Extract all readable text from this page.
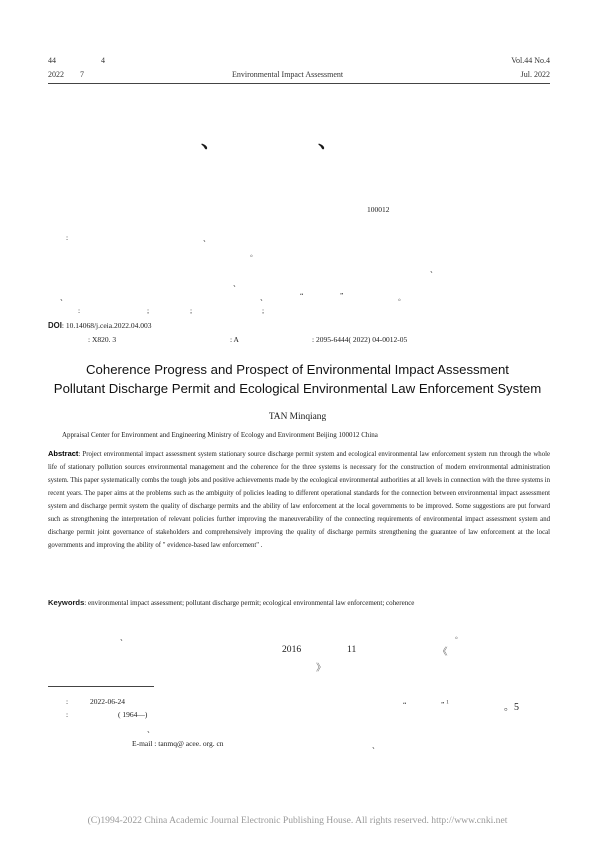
44	4
2022 7	Environmental Impact Assessment
Vol.44 No.4
Jul. 2022
、	、
100012
:	、
。
、
、
、	、	“	”	。
:	;	;	;
DOI: 10.14068/j.ceia.2022.04.003
: X820. 3	: A	: 2095-6444( 2022) 04-0012-05
Coherence Progress and Prospect of Environmental Impact Assessment
Pollutant Discharge Permit and Ecological Environmental Law Enforcement System
TAN Minqiang
Appraisal Center for Environment and Engineering Ministry of Ecology and Environment Beijing 100012 China
Abstract: Project environmental impact assessment system stationary source discharge permit system and ecological environmental law enforcement system run through the whole life of stationary pollution sources environmental management and the coherence for the three systems is necessary for the construction of modern environmental administration system. This paper systematically combs the tough jobs and positive achievements made by the ecological environmental authorities at all levels in connection with the three systems in recent years. The paper aims at the problems such as the ambiguity of policies leading to different operational standards for the connection between environmental impact assessment system and discharge permit system the quality of discharge permits and the ability of law enforcement at the local governments to be improved. Some suggestions are put forward such as strengthening the interpretation of relevant policies further improving the maneuverability of the connecting requirements of environmental impact assessment system and discharge permit joint governance of stakeholders and comprehensively improving the quality of discharge permits strengthening the guarantee of law enforcement at the local governments and improving the ability of " evidence-based law enforcement" .
Keywords: environmental impact assessment; pollutant discharge permit; ecological environmental law enforcement; coherence
、	。
2016	11	《
》
:	2022-06-24
:	( 1964—)
、
E-mail : tanmq@ acee. org. cn
“	” $^1$	。5
、
(C)1994-2022 China Academic Journal Electronic Publishing House. All rights reserved. http://www.cnki.net
